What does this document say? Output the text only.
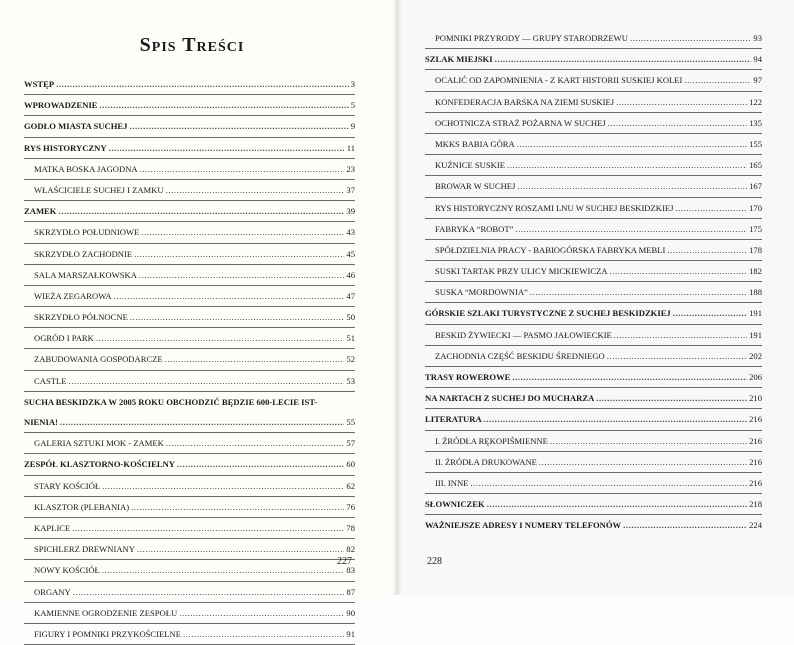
Spis Treści
WSTĘP .....	3
WPROWADZENIE .....	5
GODŁO MIASTA SUCHEJ .....	9
RYS HISTORYCZNY .....	11
MATKA BOSKA JAGODNA .....	23
WŁAŚCICIELE SUCHEJ I ZAMKU .....	37
ZAMEK .....	39
SKRZYDŁO POŁUDNIOWE .....	43
SKRZYDŁO ZACHODNIE .....	45
SALA MARSZAŁKOWSKA .....	46
WIEŻA ZEGAROWA .....	47
SKRZYDŁO PÓŁNOCNE .....	50
OGRÓD I PARK .....	51
ZABUDOWANIA GOSPODARCZE .....	52
CASTLE .....	53
SUCHA BESKIDZKA W 2005 ROKU OBCHODZIĆ BĘDZIE 600-LECIE IST-
NIENIA! .....	55
GALERIA SZTUKI MOK - ZAMEK .....	57
ZESPÓŁ KLASZTORNO-KOŚCIELNY .....	60
STARY KOŚCIÓŁ .....	62
KLASZTOR (PLEBANIA) .....	76
KAPLICE .....	78
SPICHLERZ DREWNIANY .....	82
NOWY KOŚCIÓŁ .....	83
ORGANY .....	87
KAMIENNE OGRODZENIE ZESPOŁU .....	90
FIGURY I POMNIKI PRZYKOŚCIELNE .....	91
227
POMNIKI PRZYRODY — GRUPY STARODRZEWU .....	93
SZLAK MIEJSKI .....	94
OCALIĆ OD ZAPOMNIENIA - Z KART HISTORII SUSKIEJ KOLEI .....	97
KONFEDERACJA BARSKA NA ZIEMI SUSKIEJ .....	122
OCHOTNICZA STRAŻ POŻARNA W SUCHEJ .....	135
MKKS BABIA GÓRA .....	155
KUŹNICE SUSKIE .....	165
BROWAR W SUCHEJ .....	167
RYS HISTORYCZNY ROSZAMI LNU W SUCHEJ BESKIDZKIEJ .....	170
FABRYKA “ROBOT” .....	175
SPÓŁDZIELNIA PRACY - BABIOGÓRSKA FABRYKA MEBLI .....	178
SUSKI TARTAK PRZY ULICY MICKIEWICZA .....	182
SUSKA “MORDOWNIA” .....	188
GÓRSKIE SZLAKI TURYSTYCZNE Z SUCHEJ BESKIDZKIEJ .....	191
BESKID ŻYWIECKI — PASMO JAŁOWIECKIE .....	191
ZACHODNIA CZĘŚĆ BESKIDU ŚREDNIEGO .....	202
TRASY ROWEROWE .....	206
NA NARTACH Z SUCHEJ DO MUCHARZA .....	210
LITERATURA .....	216
I. ŹRÓDŁA RĘKOPIŚMIENNE .....	216
II. ŹRÓDŁA DRUKOWANE .....	216
III. INNE .....	216
SŁOWNICZEK .....	218
WAŻNIEJSZE ADRESY I NUMERY TELEFONÓW .....	224
228
